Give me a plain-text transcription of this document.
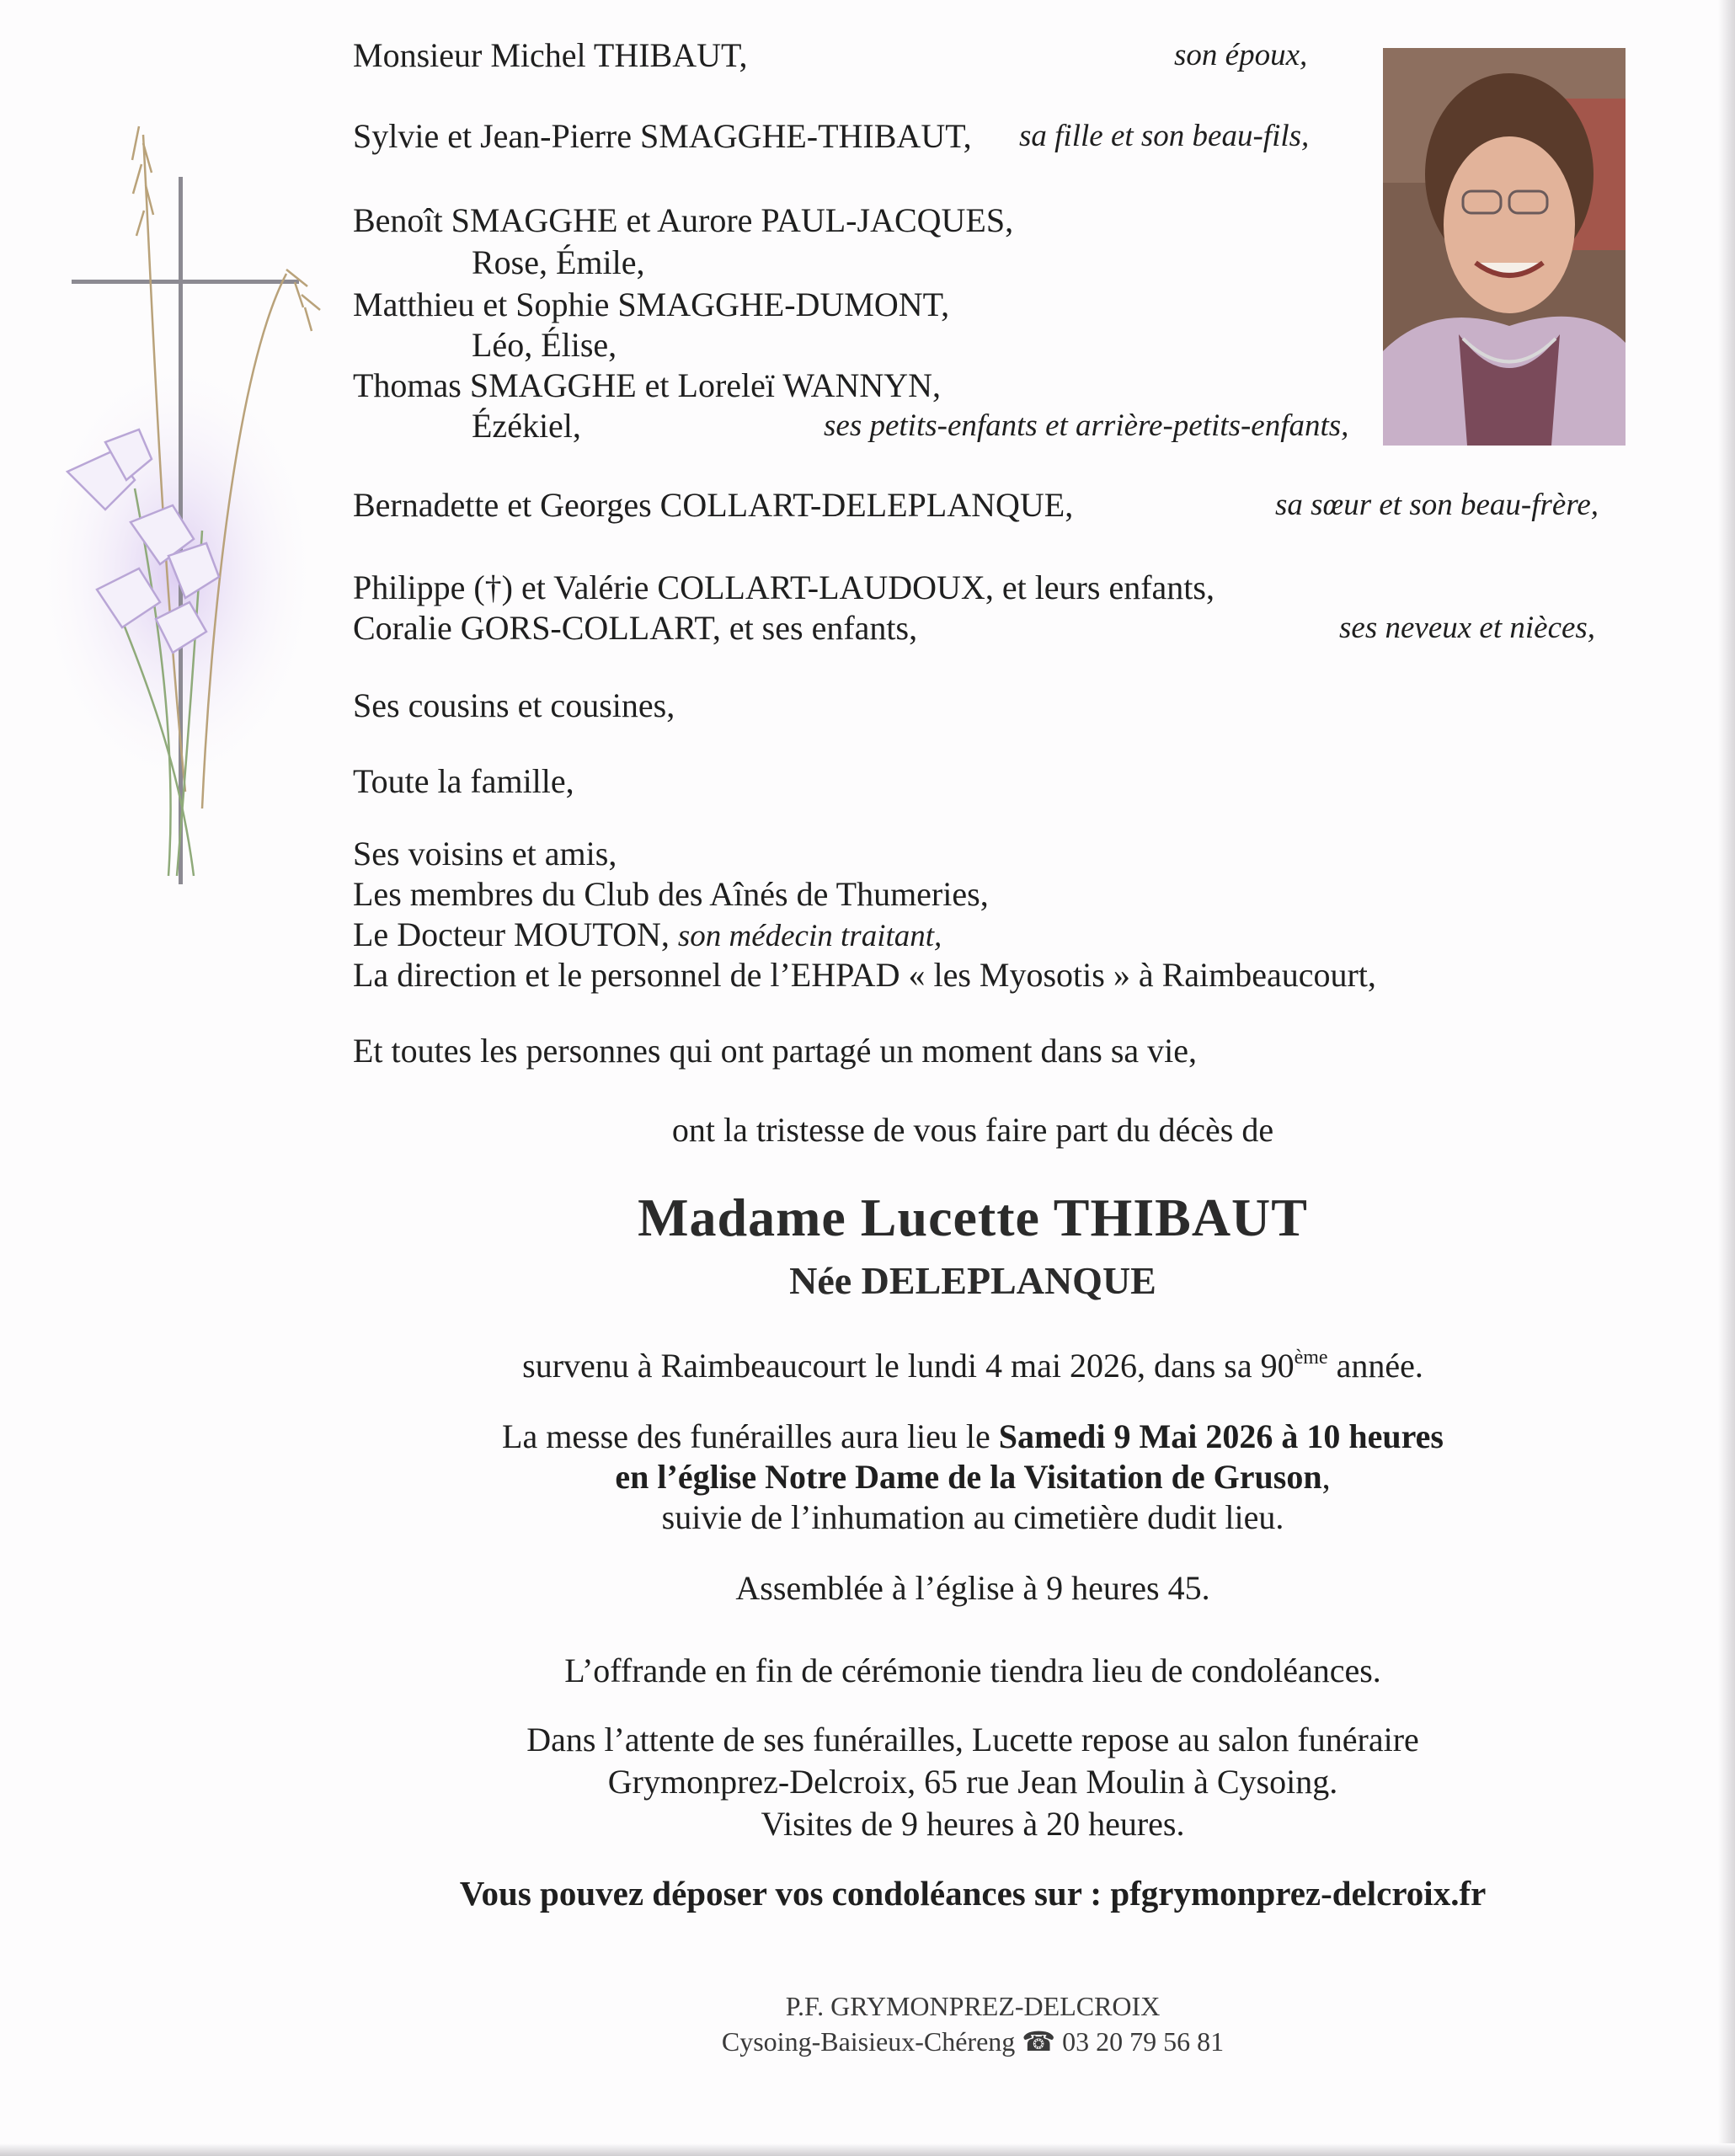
Monsieur Michel THIBAUT,	son époux,
Sylvie et Jean-Pierre SMAGGHE-THIBAUT, sa fille et son beau-fils,
Benoît SMAGGHE et Aurore PAUL-JACQUES,
Rose, Émile,
Matthieu et Sophie SMAGGHE-DUMONT,
Léo, Élise,
Thomas SMAGGHE et Loreleï WANNYN,
Ézékiel,	ses petits-enfants et arrière-petits-enfants,
Bernadette et Georges COLLART-DELEPLANQUE,	sa sœur et son beau-frère,
Philippe (†) et Valérie COLLART-LAUDOUX, et leurs enfants,
Coralie GORS-COLLART, et ses enfants,	ses neveux et nièces,
Ses cousins et cousines,
Toute la famille,
Ses voisins et amis,
Les membres du Club des Aînés de Thumeries,
Le Docteur MOUTON, son médecin traitant,
La direction et le personnel de l’EHPAD « les Myosotis » à Raimbeaucourt,
Et toutes les personnes qui ont partagé un moment dans sa vie,
ont la tristesse de vous faire part du décès de
Madame Lucette THIBAUT
Née DELEPLANQUE
survenu à Raimbeaucourt le lundi 4 mai 2026, dans sa 90ème année.
La messe des funérailles aura lieu le Samedi 9 Mai 2026 à 10 heures
en l’église Notre Dame de la Visitation de Gruson,
suivie de l’inhumation au cimetière dudit lieu.
Assemblée à l’église à 9 heures 45.
L’offrande en fin de cérémonie tiendra lieu de condoléances.
Dans l’attente de ses funérailles, Lucette repose au salon funéraire
Grymonprez-Delcroix, 65 rue Jean Moulin à Cysoing.
Visites de 9 heures à 20 heures.
Vous pouvez déposer vos condoléances sur : pfgrymonprez-delcroix.fr
P.F. GRYMONPREZ-DELCROIX
Cysoing-Baisieux-Chéreng ☎ 03 20 79 56 81
